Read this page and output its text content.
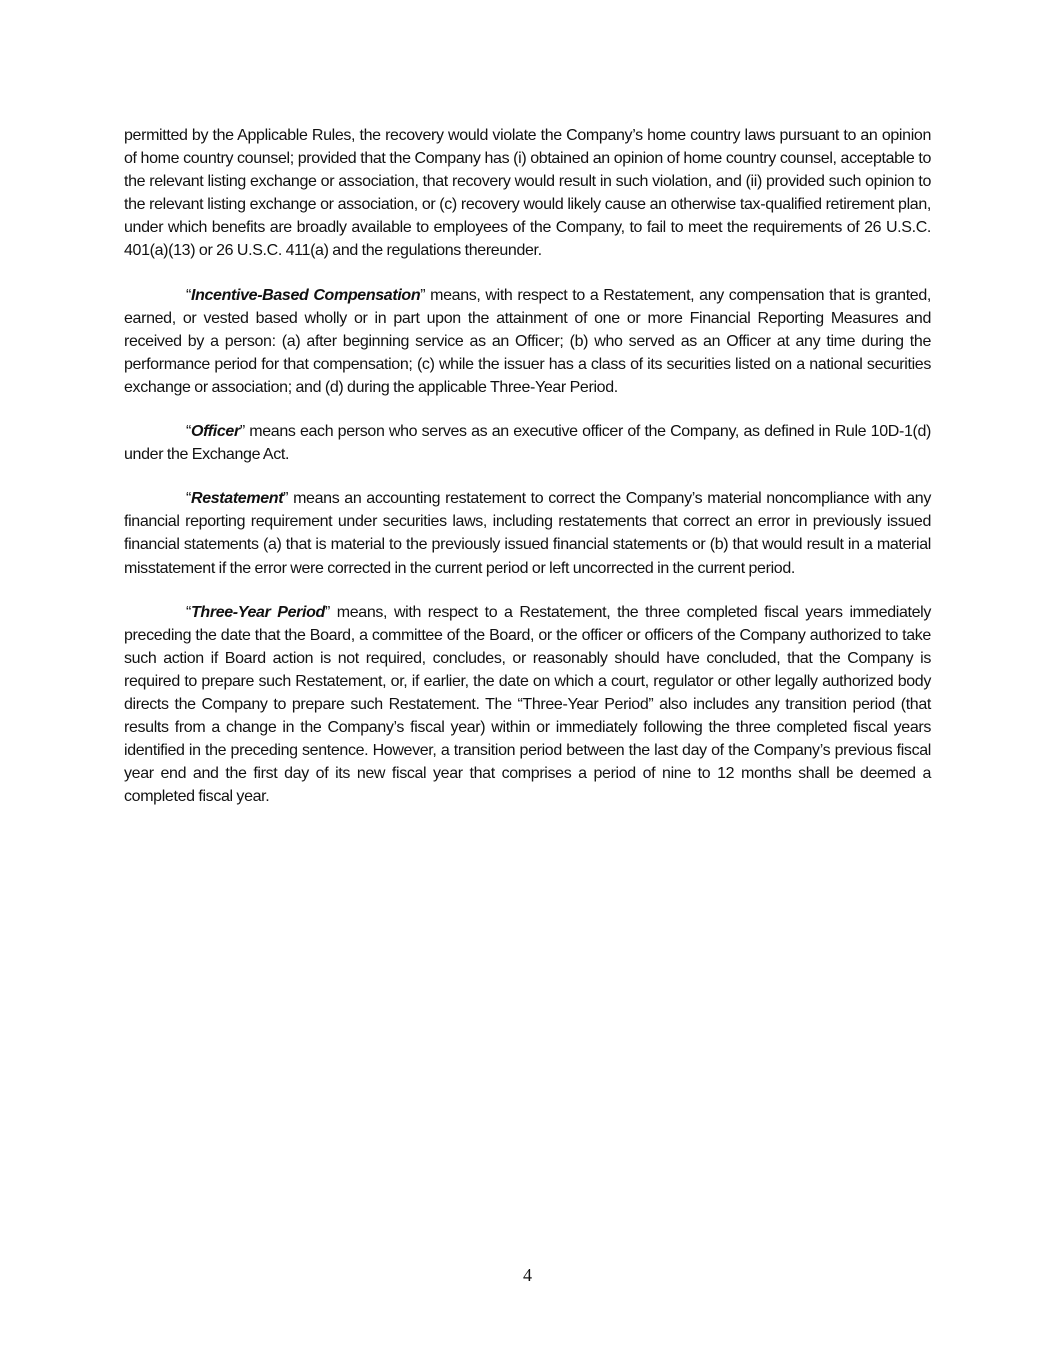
permitted by the Applicable Rules, the recovery would violate the Company’s home country laws pursuant to an opinion of home country counsel; provided that the Company has (i) obtained an opinion of home country counsel, acceptable to the relevant listing exchange or association, that recovery would result in such violation, and (ii) provided such opinion to the relevant listing exchange or association, or (c) recovery would likely cause an otherwise tax-qualified retirement plan, under which benefits are broadly available to employees of the Company, to fail to meet the requirements of 26 U.S.C. 401(a)(13) or 26 U.S.C. 411(a) and the regulations thereunder.

“Incentive-Based Compensation” means, with respect to a Restatement, any compensation that is granted, earned, or vested based wholly or in part upon the attainment of one or more Financial Reporting Measures and received by a person: (a) after beginning service as an Officer; (b) who served as an Officer at any time during the performance period for that compensation; (c) while the issuer has a class of its securities listed on a national securities exchange or association; and (d) during the applicable Three-Year Period.

“Officer” means each person who serves as an executive officer of the Company, as defined in Rule 10D-1(d) under the Exchange Act.

“Restatement” means an accounting restatement to correct the Company’s material noncompliance with any financial reporting requirement under securities laws, including restatements that correct an error in previously issued financial statements (a) that is material to the previously issued financial statements or (b) that would result in a material misstatement if the error were corrected in the current period or left uncorrected in the current period.

“Three-Year Period” means, with respect to a Restatement, the three completed fiscal years immediately preceding the date that the Board, a committee of the Board, or the officer or officers of the Company authorized to take such action if Board action is not required, concludes, or reasonably should have concluded, that the Company is required to prepare such Restatement, or, if earlier, the date on which a court, regulator or other legally authorized body directs the Company to prepare such Restatement. The “Three-Year Period” also includes any transition period (that results from a change in the Company’s fiscal year) within or immediately following the three completed fiscal years identified in the preceding sentence. However, a transition period between the last day of the Company’s previous fiscal year end and the first day of its new fiscal year that comprises a period of nine to 12 months shall be deemed a completed fiscal year.

4
